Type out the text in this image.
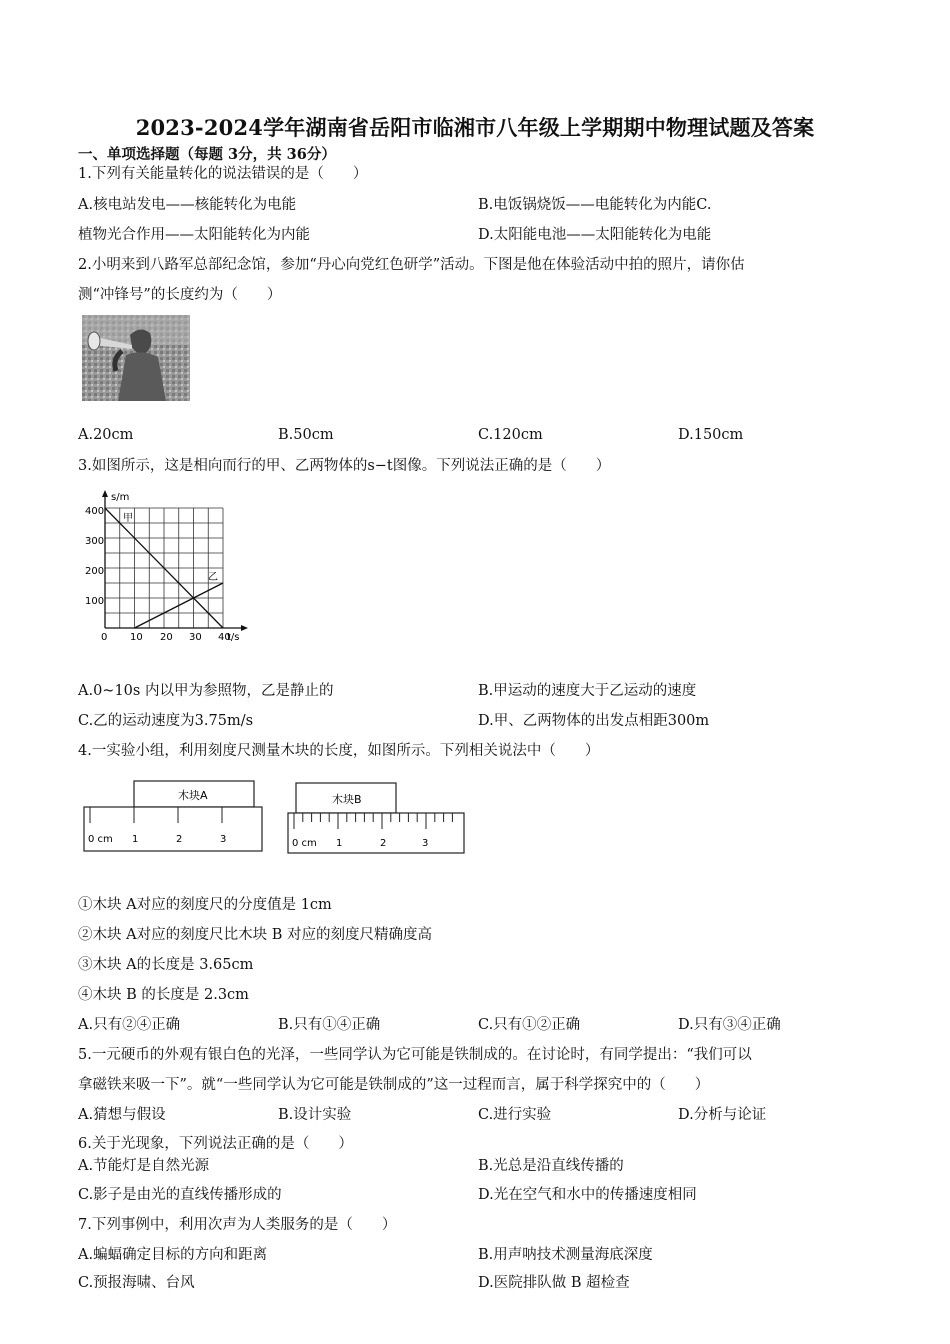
2023-2024学年湖南省岳阳市临湘市八年级上学期期中物理试题及答案
一、单项选择题（每题 3分，共 36分）
1.下列有关能量转化的说法错误的是（　　）
A.核电站发电——核能转化为电能	B.电饭锅烧饭——电能转化为内能C.
植物光合作用——太阳能转化为内能	D.太阳能电池——太阳能转化为电能
2.小明来到八路军总部纪念馆，参加“丹心向党红色研学”活动。下图是他在体验活动中拍的照片，请你估
测“冲锋号”的长度约为（　　）
A.20cm	B.50cm	C.120cm	D.150cm
3.如图所示，这是相向而行的甲、乙两物体的s−t图像。下列说法正确的是（　　）
s/m
t/s
400
300
200
100
0 10 20 30 40
甲
乙
A.0~10s 内以甲为参照物，乙是静止的	B.甲运动的速度大于乙运动的速度
C.乙的运动速度为3.75m/s	D.甲、乙两物体的出发点相距300m
4.一实验小组，利用刻度尺测量木块的长度，如图所示。下列相关说法中（　　）
木块A
0 cm 1	2	3
木块B
0 cm 1	2	3
①木块 A对应的刻度尺的分度值是 1cm
②木块 A对应的刻度尺比木块 B 对应的刻度尺精确度高
③木块 A的长度是 3.65cm
④木块 B 的长度是 2.3cm
A.只有②④正确	B.只有①④正确	C.只有①②正确	D.只有③④正确
5.一元硬币的外观有银白色的光泽，一些同学认为它可能是铁制成的。在讨论时，有同学提出：“我们可以
拿磁铁来吸一下”。就“一些同学认为它可能是铁制成的”这一过程而言，属于科学探究中的（　　）
A.猜想与假设	B.设计实验	C.进行实验	D.分析与论证
6.关于光现象，下列说法正确的是（　　）
A.节能灯是自然光源	B.光总是沿直线传播的
C.影子是由光的直线传播形成的	D.光在空气和水中的传播速度相同
7.下列事例中，利用次声为人类服务的是（　　）
A.蝙蝠确定目标的方向和距离	B.用声呐技术测量海底深度
C.预报海啸、台风	D.医院排队做 B 超检查
